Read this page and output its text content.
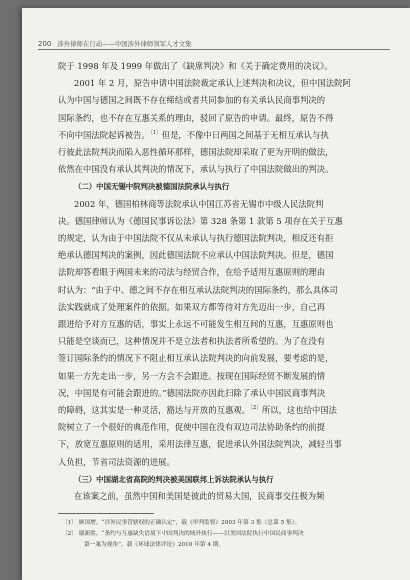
200 涉外律师在行动——中国涉外律师领军人才文集

院于 1998 年及 1999 年做出了《缺席判决》和《关于确定费用的决议》。

2001 年 2 月，原告申请中国法院裁定承认上述判决和决议，但中国法院阿

认为中国与德国之间既不存在缔结或者共同参加的有关承认民商事判决的

国际条约，也不存在互惠关系的理由，驳回了原告的申请。最终，原告不得

不向中国法院起诉被告。$^{〔1〕}$但是，不像中日两国之间基于无相互承认与执

行彼此法院判决而陷入恶性循环那样，德国法院却采取了更为开明的做法，

依然在中国没有承认其判决的情况下，承认与执行了中国法院做出的判决。

（二）中国无锡中院判决被德国法院承认与执行

2002 年，德国柏林商等法院承认中国江苏省无锡市中级人民法院判

决。德国律师认为《德国民事诉讼法》第 328 条第 1 款第 5 项存在关于互惠

的规定，认为由于中国法院不仅从未承认与执行德国法院判决，相反还有拒

绝承认德国判决的案例，因此德国法院不应承认中国法院判决。但是，德国

法院却答看眼于两国未来的司法与经贸合作，在给予适用互惠原则的理由

时认为：“由于中、德之间不存在相互承认法院判决的国际条约，那么具体司

法实践就成了处理案件的依据。如果双方都等待对方先迈出一步，自己再

跟进给予对方互惠的话，事实上永远不可能发生相互间的互惠，互惠原则也

只能是空谈而已，这种情况并不是立法者和执法者所希望的。为了在没有

签订国际条约的情况下不阻止相互承认法院判决的向前发展，要考虑的是，

如果一方先走出一步，另一方会不会跟进。按现在国际经贸不断发展的情

况，中国是有可能会跟进的。”德国法院亦因此扫除了承认中国民商事判决

的障碍，这其实是一种灵活，豁达与开放的互惠观。$^{〔2〕}$所以，这也给中国法

院树立了一个很好的典范作用，促使中国在没有双边司法协助条约的前提

下，放宽互惠原则的适用，采用法律互惠，促进承认外国法院判决，减轻当事

人负担，节省司法资源的进展。

（三）中国湖北省高院的判决被美国联邦上诉法院承认与执行

在该案之前，虽然中国和美国是彼此的贸易大国，民商事交往极为频

〔1〕 顾国增，“涉外民事管辖权的正确认定”，载《审判监督》2003 年第 3 集（总第 5 集）。

〔2〕 谢新胜，“条约与互惠缺失语境下中国判决的域外执行——以美国法院执行中国民商事判决

第一案为视角”，载《环球法律评论》2010 年第 4 期。
